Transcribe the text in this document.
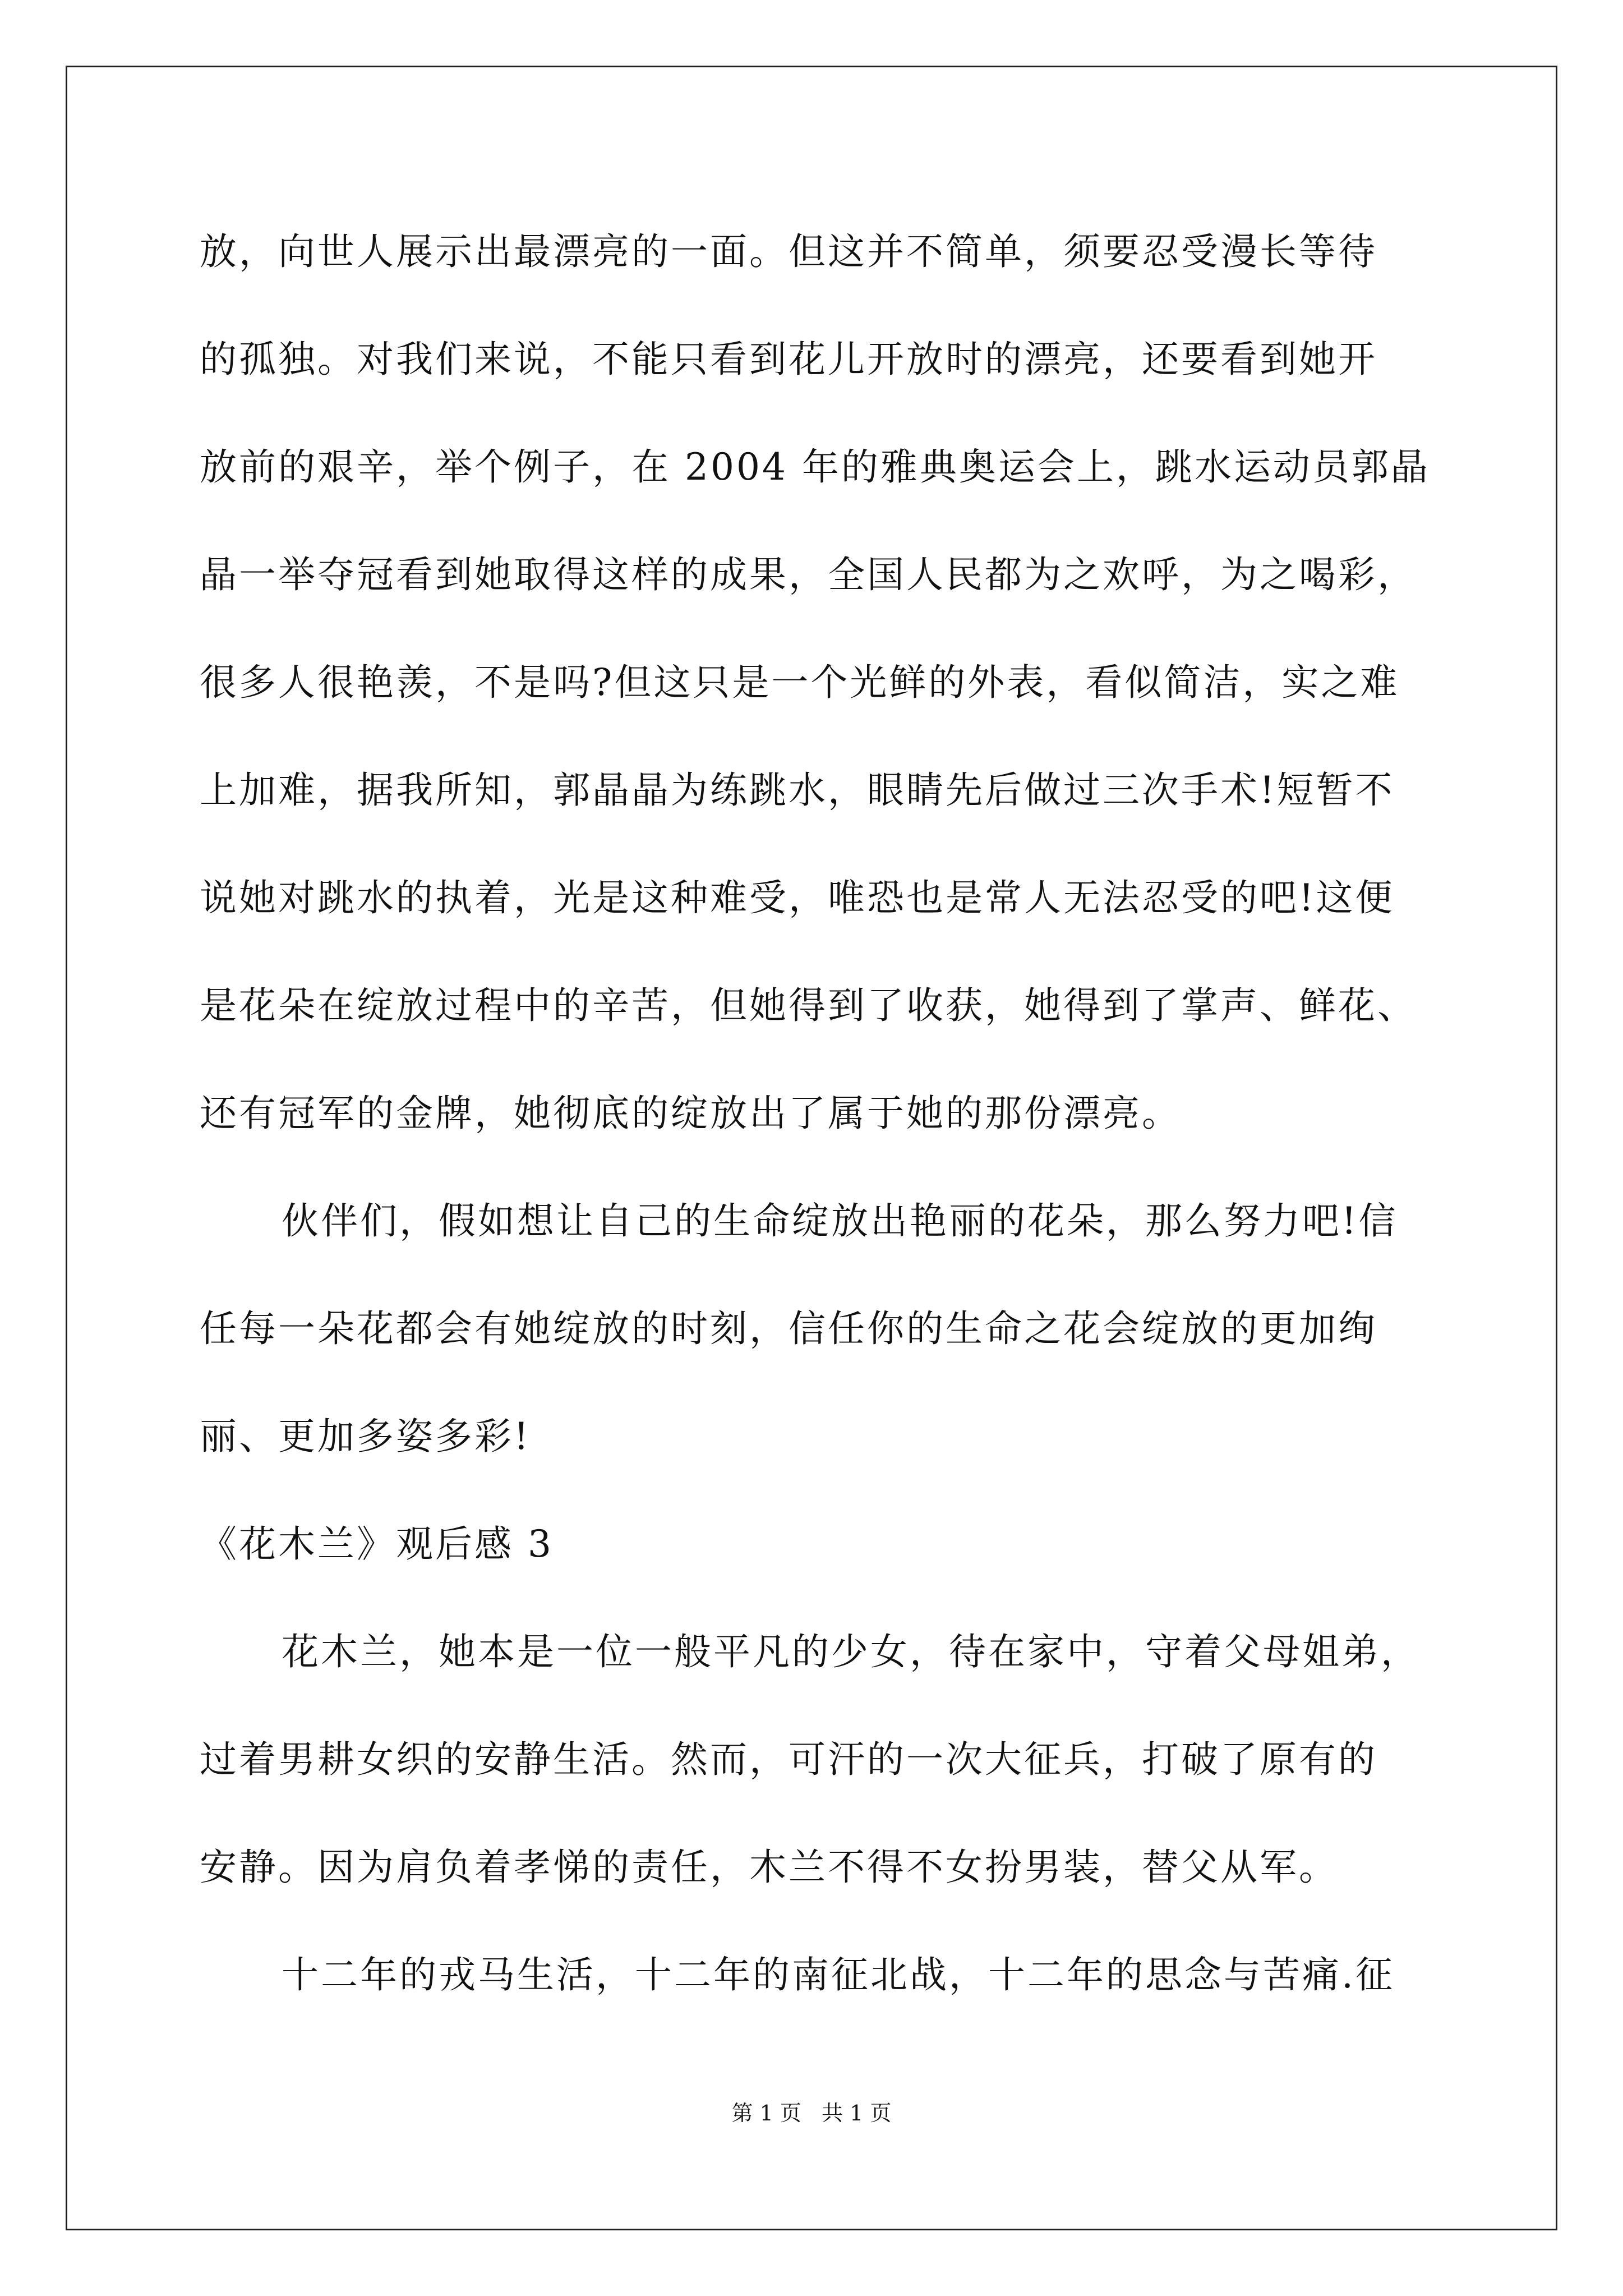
放，向世人展示出最漂亮的一面。但这并不简单，须要忍受漫长等待

的孤独。对我们来说，不能只看到花儿开放时的漂亮，还要看到她开

放前的艰辛，举个例子，在 2004 年的雅典奥运会上，跳水运动员郭晶

晶一举夺冠看到她取得这样的成果，全国人民都为之欢呼，为之喝彩，

很多人很艳羡，不是吗?但这只是一个光鲜的外表，看似简洁，实之难

上加难，据我所知，郭晶晶为练跳水，眼睛先后做过三次手术!短暂不

说她对跳水的执着，光是这种难受，唯恐也是常人无法忍受的吧!这便

是花朵在绽放过程中的辛苦，但她得到了收获，她得到了掌声、鲜花、

还有冠军的金牌，她彻底的绽放出了属于她的那份漂亮。

伙伴们，假如想让自己的生命绽放出艳丽的花朵，那么努力吧!信

任每一朵花都会有她绽放的时刻，信任你的生命之花会绽放的更加绚

丽、更加多姿多彩!

《花木兰》观后感 3

花木兰，她本是一位一般平凡的少女，待在家中，守着父母姐弟，

过着男耕女织的安静生活。然而，可汗的一次大征兵，打破了原有的

安静。因为肩负着孝悌的责任，木兰不得不女扮男装，替父从军。

十二年的戎马生活，十二年的南征北战，十二年的思念与苦痛.征

第 1 页   共 1 页
